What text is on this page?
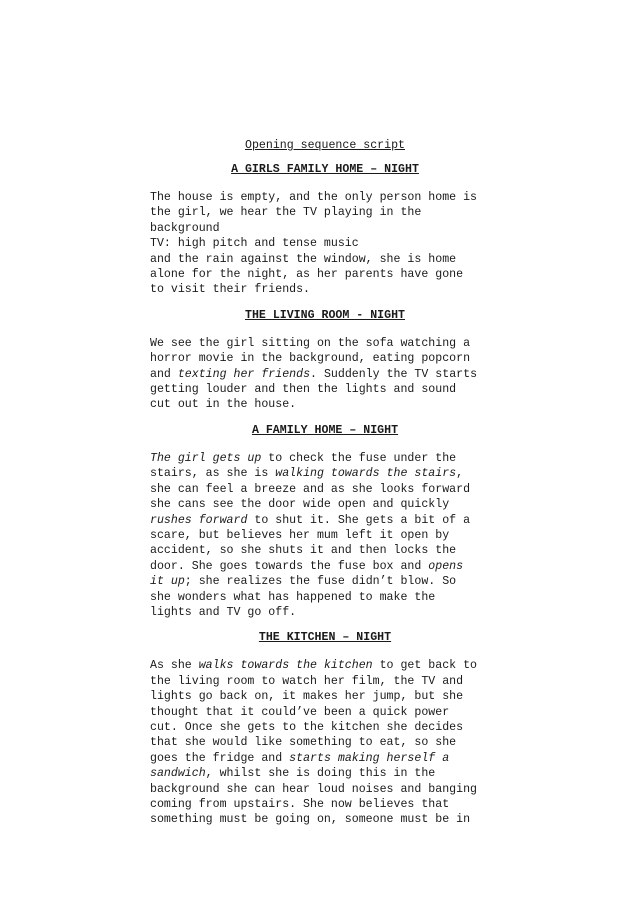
Opening sequence script

A GIRLS FAMILY HOME – NIGHT

The house is empty, and the only person home is
the girl, we hear the TV playing in the
background
TV: high pitch and tense music
and the rain against the window, she is home
alone for the night, as her parents have gone
to visit their friends.

THE LIVING ROOM - NIGHT

We see the girl sitting on the sofa watching a
horror movie in the background, eating popcorn
and texting her friends. Suddenly the TV starts
getting louder and then the lights and sound
cut out in the house.

A FAMILY HOME – NIGHT

The girl gets up to check the fuse under the
stairs, as she is walking towards the stairs,
she can feel a breeze and as she looks forward
she cans see the door wide open and quickly
rushes forward to shut it. She gets a bit of a
scare, but believes her mum left it open by
accident, so she shuts it and then locks the
door. She goes towards the fuse box and opens
it up; she realizes the fuse didn’t blow. So
she wonders what has happened to make the
lights and TV go off.

THE KITCHEN – NIGHT

As she walks towards the kitchen to get back to
the living room to watch her film, the TV and
lights go back on, it makes her jump, but she
thought that it could’ve been a quick power
cut. Once she gets to the kitchen she decides
that she would like something to eat, so she
goes the fridge and starts making herself a
sandwich, whilst she is doing this in the
background she can hear loud noises and banging
coming from upstairs. She now believes that
something must be going on, someone must be in
